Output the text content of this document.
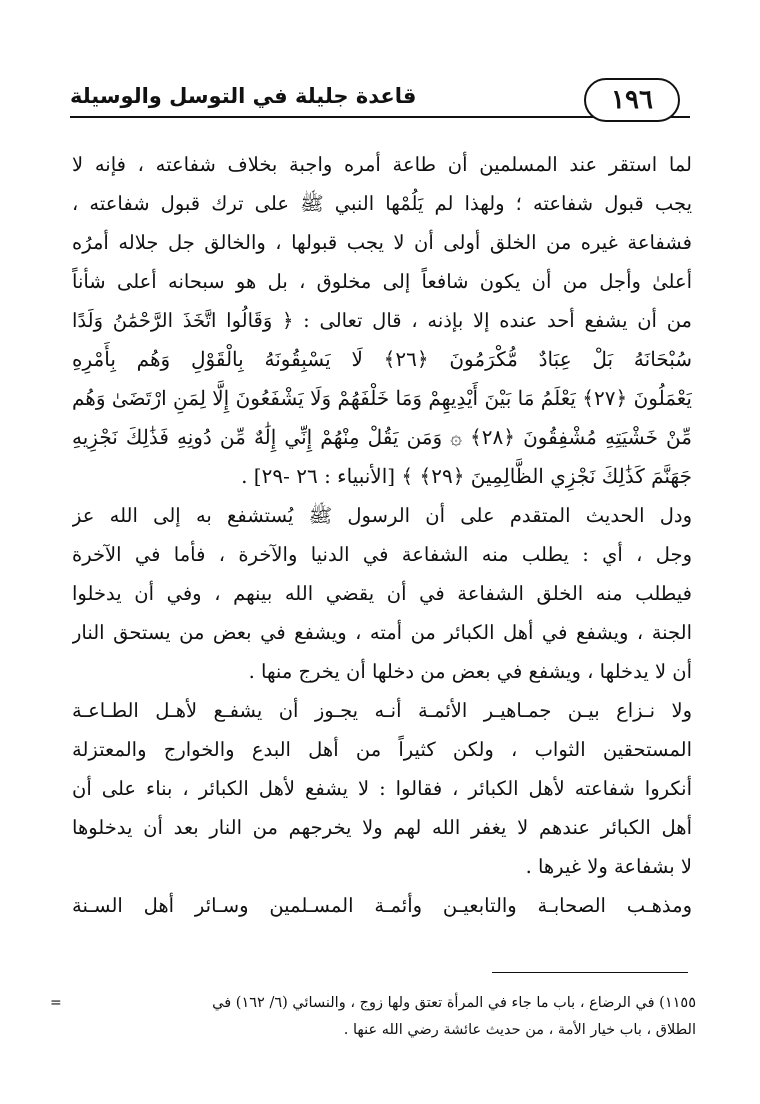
قاعدة جليلة في التوسل والوسيلة	١٩٦
لما استقر عند المسلمين أن طاعة أمره واجبة بخلاف شفاعته ، فإنه لا
يجب قبول شفاعته ؛ ولهذا لم يَلُمْها النبي ﷺ على ترك قبول شفاعته ،
فشفاعة غيره من الخلق أولى أن لا يجب قبولها ، والخالق جل جلاله أمرُه
أعلىٰ وأجل من أن يكون شافعاً إلى مخلوق ، بل هو سبحانه أعلى شأناً
من أن يشفع أحد عنده إلا بإذنه ، قال تعالى : ﴿ وَقَالُوا اتَّخَذَ الرَّحْمَٰنُ وَلَدًا
سُبْحَانَهُ بَلْ عِبَادٌ مُّكْرَمُونَ ﴿٢٦﴾ لَا يَسْبِقُونَهُ بِالْقَوْلِ وَهُم بِأَمْرِهِ
يَعْمَلُونَ ﴿٢٧﴾ يَعْلَمُ مَا بَيْنَ أَيْدِيهِمْ وَمَا خَلْفَهُمْ وَلَا يَشْفَعُونَ إِلَّا لِمَنِ ارْتَضَىٰ وَهُم
مِّنْ خَشْيَتِهِ مُشْفِقُونَ ﴿٢٨﴾ ۞ وَمَن يَقُلْ مِنْهُمْ إِنِّي إِلَٰهٌ مِّن دُونِهِ فَذَٰلِكَ نَجْزِيهِ
جَهَنَّمَ كَذَٰلِكَ نَجْزِي الظَّالِمِينَ ﴿٢٩﴾ ﴾ [الأنبياء : ٢٦ -٢٩] .
ودل الحديث المتقدم على أن الرسول ﷺ يُستشفع به إلى الله عز
وجل ، أي : يطلب منه الشفاعة في الدنيا والآخرة ، فأما في الآخرة
فيطلب منه الخلق الشفاعة في أن يقضي الله بينهم ، وفي أن يدخلوا
الجنة ، ويشفع في أهل الكبائر من أمته ، ويشفع في بعض من يستحق النار
أن لا يدخلها ، ويشفع في بعض من دخلها أن يخرج منها .
ولا نـزاع بيـن جمـاهيـر الأئمـة أنـه يجـوز أن يشفـع لأهـل الطـاعـة
المستحقين الثواب ، ولكن كثيراً من أهل البدع والخوارج والمعتزلة
أنكروا شفاعته لأهل الكبائر ، فقالوا : لا يشفع لأهل الكبائر ، بناء على أن
أهل الكبائر عندهم لا يغفر الله لهم ولا يخرجهم من النار بعد أن يدخلوها
لا بشفاعة ولا غيرها .
ومذهـب الصحابـة والتابعيـن وأئمـة المسـلمين وسـائر أهل السـنة
=	١١٥٥) في الرضاع ، باب ما جاء في المرأة تعتق ولها زوج ، والنسائي (٦/ ١٦٢) في
الطلاق ، باب خيار الأمة ، من حديث عائشة رضي الله عنها .
